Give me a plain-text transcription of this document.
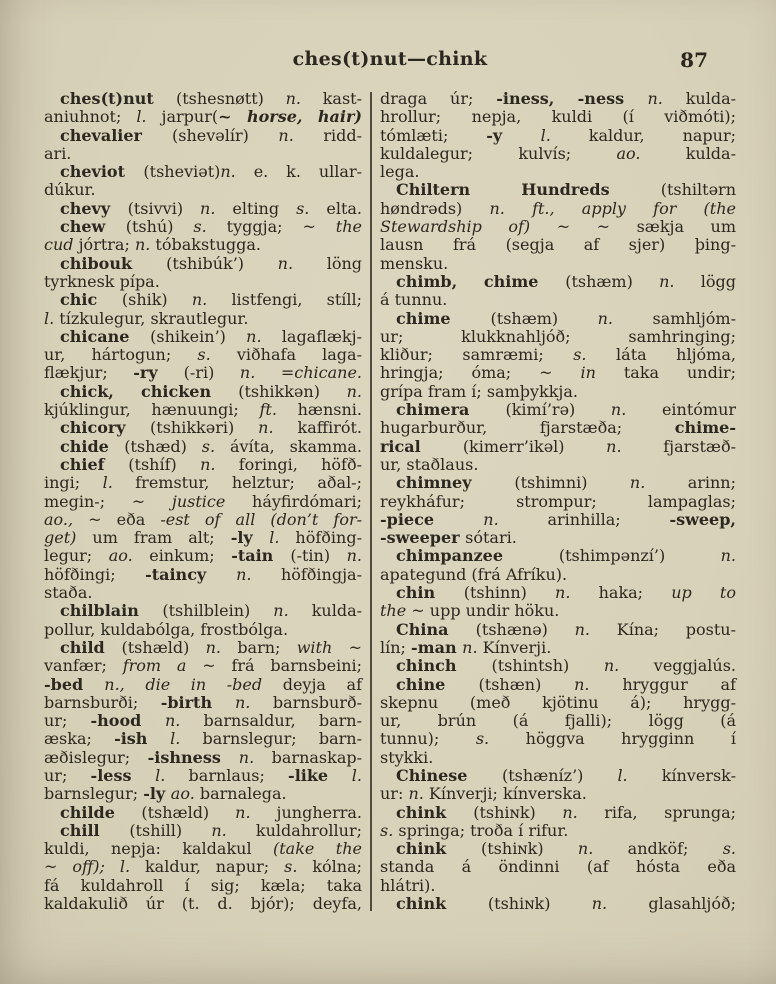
ches(t)nut—chink	87
ches(t)nut (tshesnøtt) n. kast-
aniuhnot; l. jarpur(~ horse, hair)
chevalier (shevəlír) n. ridd-
ari.
cheviot (tsheviət)n. e. k. ullar-
dúkur.
chevy (tsivvi) n. elting s. elta.
chew (tshú) s. tyggja; ~ the
cud jórtra; n. tóbakstugga.
chibouk (tshibúk’) n. löng
tyrknesk pípa.
chic (shik) n. listfengi, stíll;
l. tízkulegur, skrautlegur.
chicane (shikein’) n. lagaflækj-
ur, hártogun; s. viðhafa laga-
flækjur; -ry (-ri) n. =chicane.
chick, chicken (tshikkən) n.
kjúklingur, hænuungi; ft. hænsni.
chicory (tshikkəri) n. kaffirót.
chide (tshæd) s. ávíta, skamma.
chief (tshíf) n. foringi, höfð-
ingi; l. fremstur, helztur; aðal-;
megin-; ~ justice háyfirdómari;
ao., ~ eða -est of all (don’t for-
get) um fram alt; -ly l. höfðing-
legur; ao. einkum; -tain (-tin) n.
höfðingi; -taincy n. höfðingja-
staða.
chilblain (tshilblein) n. kulda-
pollur, kuldabólga, frostbólga.
child (tshæld) n. barn; with ~
vanfær; from a ~ frá barnsbeini;
-bed n., die in -bed deyja af
barnsburði; -birth n. barnsburð-
ur; -hood n. barnsaldur, barn-
æska; -ish l. barnslegur; barn-
æðislegur; -ishness n. barnaskap-
ur; -less l. barnlaus; -like l.
barnslegur; -ly ao. barnalega.
childe (tshæld) n. jungherra.
chill (tshill) n. kuldahrollur;
kuldi, nepja: kaldakul (take the
~ off); l. kaldur, napur; s. kólna;
fá kuldahroll í sig; kæla; taka
kaldakulið úr (t. d. bjór); deyfa,
draga úr; -iness, -ness n. kulda-
hrollur; nepja, kuldi (í viðmóti);
tómlæti; -y l. kaldur, napur;
kuldalegur; kulvís; ao. kulda-
lega.
Chiltern Hundreds (tshiltərn
høndrəds) n. ft., apply for (the
Stewardship of) ~ ~ sækja um
lausn frá (segja af sjer) þing-
mensku.
chimb, chime (tshæm) n. lögg
á tunnu.
chime (tshæm) n. samhljóm-
ur; klukknahljóð; samhringing;
kliður; samræmi; s. láta hljóma,
hringja; óma; ~ in taka undir;
grípa fram í; samþykkja.
chimera (kimí’rə) n. eintómur
hugarburður, fjarstæða; chime-
rical (kimerr’ikəl) n. fjarstæð-
ur, staðlaus.
chimney (tshimni) n. arinn;
reykháfur; strompur; lampaglas;
-piece n. arinhilla; -sweep,
-sweeper sótari.
chimpanzee (tshimpənzí’) n.
apategund (frá Afríku).
chin (tshinn) n. haka; up to
the ~ upp undir höku.
China (tshænə) n. Kína; postu-
lín; -man n. Kínverji.
chinch (tshintsh) n. veggjalús.
chine (tshæn) n. hryggur af
skepnu (með kjötinu á); hrygg-
ur, brún (á fjalli); lögg (á
tunnu); s. höggva hrygginn í
stykki.
Chinese (tshæníz’) l. kínversk-
ur: n. Kínverji; kínverska.
chink (tshiɴk) n. rifa, sprunga;
s. springa; troða í rifur.
chink (tshiɴk) n. andköf; s.
standa á öndinni (af hósta eða
hlátri).
chink (tshiɴk) n. glasahljóð;
